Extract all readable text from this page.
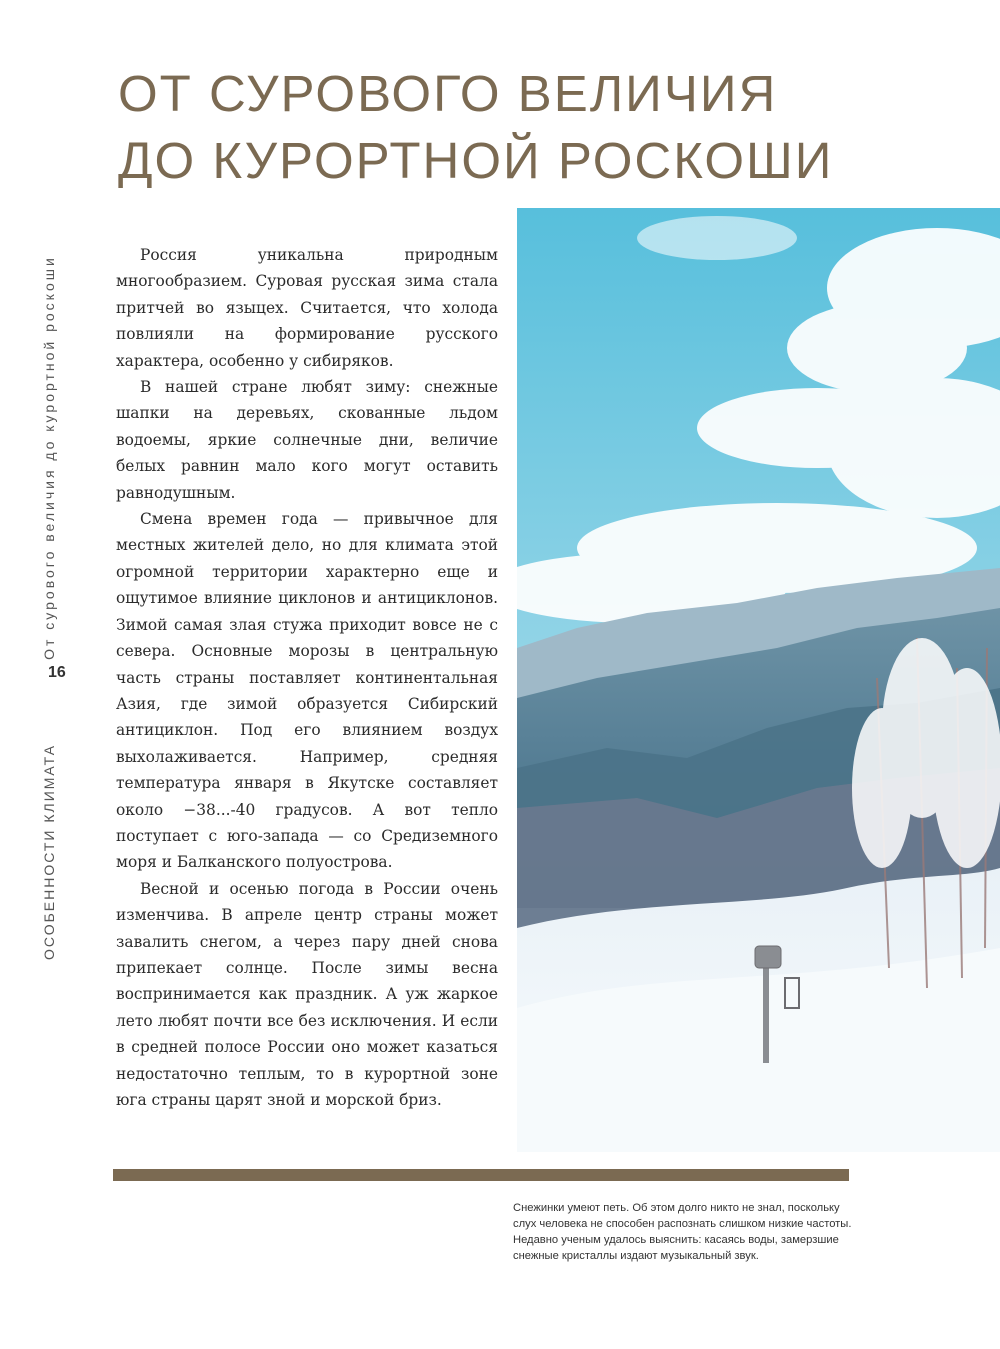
ОТ СУРОВОГО ВЕЛИЧИЯ
ДО КУРОРТНОЙ РОСКОШИ
ОСОБЕННОСТИ КЛИМАТАОт сурового величия до курортной роскоши
16

Россия уникальна природным многообразием. Суровая русская зима стала притчей во языцех. Считается, что холода повлияли на формирование русского характера, особенно у сибиряков.

В нашей стране любят зиму: снежные шапки на деревьях, скованные льдом водоемы, яркие солнечные дни, величие белых равнин мало кого могут оставить равнодушным.

Смена времен года — привычное для местных жителей дело, но для климата этой огромной территории характерно еще и ощутимое влияние циклонов и антициклонов. Зимой самая злая стужа приходит вовсе не с севера. Основные морозы в центральную часть страны поставляет континентальная Азия, где зимой образуется Сибирский антициклон. Под его влиянием воздух выхолаживается. Например, средняя температура января в Якутске составляет около −38...-40 градусов. А вот тепло поступает с юго-запада — со Средиземного моря и Балканского полуострова.

Весной и осенью погода в России очень изменчива. В апреле центр страны может завалить снегом, а через пару дней снова припекает солнце. После зимы весна воспринимается как праздник. А уж жаркое лето любят почти все без исключения. И если в средней полосе России оно может казаться недостаточно теплым, то в курортной зоне юга страны царят зной и морской бриз.

Снежинки умеют петь. Об этом долго никто не знал, поскольку слух человека не способен распознать слишком низкие частоты. Недавно ученым удалось выяснить: касаясь воды, замерзшие снежные кристаллы издают музыкальный звук.
